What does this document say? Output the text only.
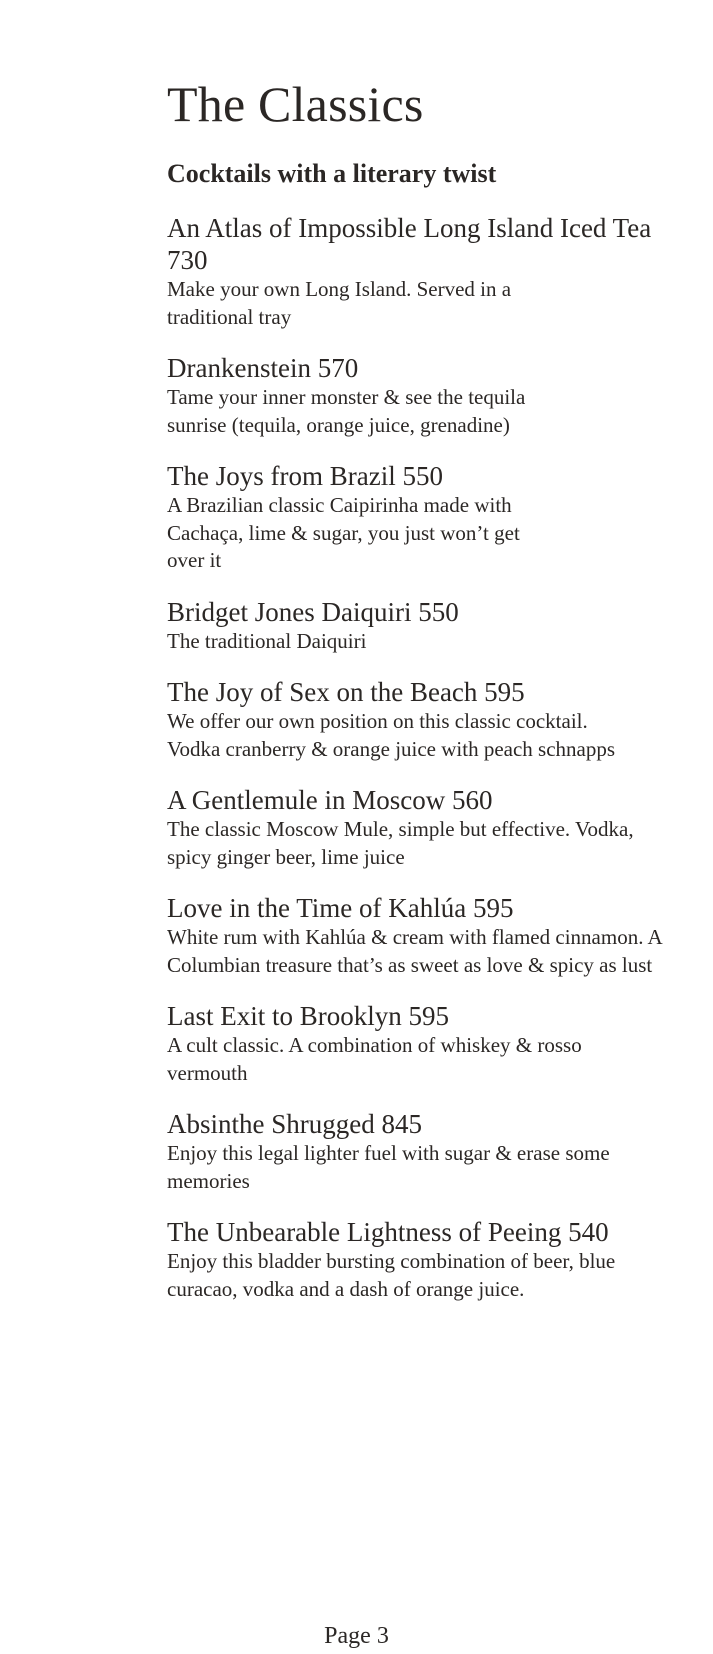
The Classics
Cocktails with a literary twist
An Atlas of Impossible Long Island Iced Tea 730
Make your own Long Island. Served in a traditional tray
Drankenstein 570
Tame your inner monster & see the tequila sunrise (tequila, orange juice, grenadine)
The Joys from Brazil 550
A Brazilian classic Caipirinha made with Cachaça, lime & sugar, you just won’t get over it
Bridget Jones Daiquiri 550
The traditional Daiquiri
The Joy of Sex on the Beach 595
We offer our own position on this classic cocktail. Vodka cranberry & orange juice with peach schnapps
A Gentlemule in Moscow 560
The classic Moscow Mule, simple but effective. Vodka, spicy ginger beer, lime juice
Love in the Time of Kahlúa 595
White rum with Kahlúa & cream with flamed cinnamon. A Columbian treasure that’s as sweet as love & spicy as lust
Last Exit to Brooklyn 595
A cult classic. A combination of whiskey & rosso vermouth
Absinthe Shrugged 845
Enjoy this legal lighter fuel with sugar & erase some memories
The Unbearable Lightness of Peeing 540
Enjoy this bladder bursting combination of beer, blue curacao, vodka and a dash of orange juice.
Page 3
